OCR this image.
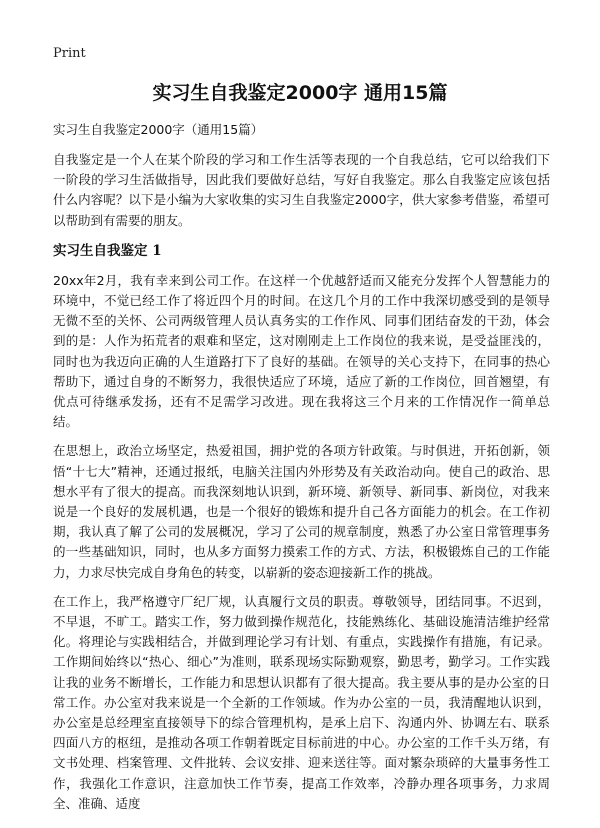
Print
实习生自我鉴定2000字 通用15篇
实习生自我鉴定2000字（通用15篇）

自我鉴定是一个人在某个阶段的学习和工作生活等表现的一个自我总结，它可以给我们下一阶段的学习生活做指导，因此我们要做好总结，写好自我鉴定。那么自我鉴定应该包括什么内容呢？以下是小编为大家收集的实习生自我鉴定2000字，供大家参考借鉴，希望可以帮助到有需要的朋友。

实习生自我鉴定 1

20xx年2月，我有幸来到公司工作。在这样一个优越舒适而又能充分发挥个人智慧能力的环境中，不觉已经工作了将近四个月的时间。在这几个月的工作中我深切感受到的是领导无微不至的关怀、公司两级管理人员认真务实的工作作风、同事们团结奋发的干劲，体会到的是：人作为拓荒者的艰难和坚定，这对刚刚走上工作岗位的我来说，是受益匪浅的，同时也为我迈向正确的人生道路打下了良好的基础。在领导的关心支持下，在同事的热心帮助下，通过自身的不断努力，我很快适应了环境，适应了新的工作岗位，回首翘望，有优点可待继承发扬，还有不足需学习改进。现在我将这三个月来的工作情况作一简单总结。

在思想上，政治立场坚定，热爱祖国，拥护党的各项方针政策。与时俱进，开拓创新，领悟“十七大”精神，还通过报纸，电脑关注国内外形势及有关政治动向。使自己的政治、思想水平有了很大的提高。而我深刻地认识到，新环境、新领导、新同事、新岗位，对我来说是一个良好的发展机遇，也是一个很好的锻炼和提升自己各方面能力的机会。在工作初期，我认真了解了公司的发展概况，学习了公司的规章制度，熟悉了办公室日常管理事务的一些基础知识，同时，也从多方面努力摸索工作的方式、方法，积极锻炼自己的工作能力，力求尽快完成自身角色的转变，以崭新的姿态迎接新工作的挑战。

在工作上，我严格遵守厂纪厂规，认真履行文员的职责。尊敬领导，团结同事。不迟到，不早退，不旷工。踏实工作，努力做到操作规范化，技能熟练化、基础设施清洁维护经常化。将理论与实践相结合，并做到理论学习有计划、有重点，实践操作有措施，有记录。工作期间始终以“热心、细心”为准则，联系现场实际勤观察，勤思考，勤学习。工作实践让我的业务不断增长，工作能力和思想认识都有了很大提高。我主要从事的是办公室的日常工作。办公室对我来说是一个全新的工作领域。作为办公室的一员，我清醒地认识到，办公室是总经理室直接领导下的综合管理机构，是承上启下、沟通内外、协调左右、联系四面八方的枢纽，是推动各项工作朝着既定目标前进的中心。办公室的工作千头万绪，有文书处理、档案管理、文件批转、会议安排、迎来送往等。面对繁杂琐碎的大量事务性工作，我强化工作意识，注意加快工作节奏，提高工作效率，冷静办理各项事务，力求周全、准确、适度
